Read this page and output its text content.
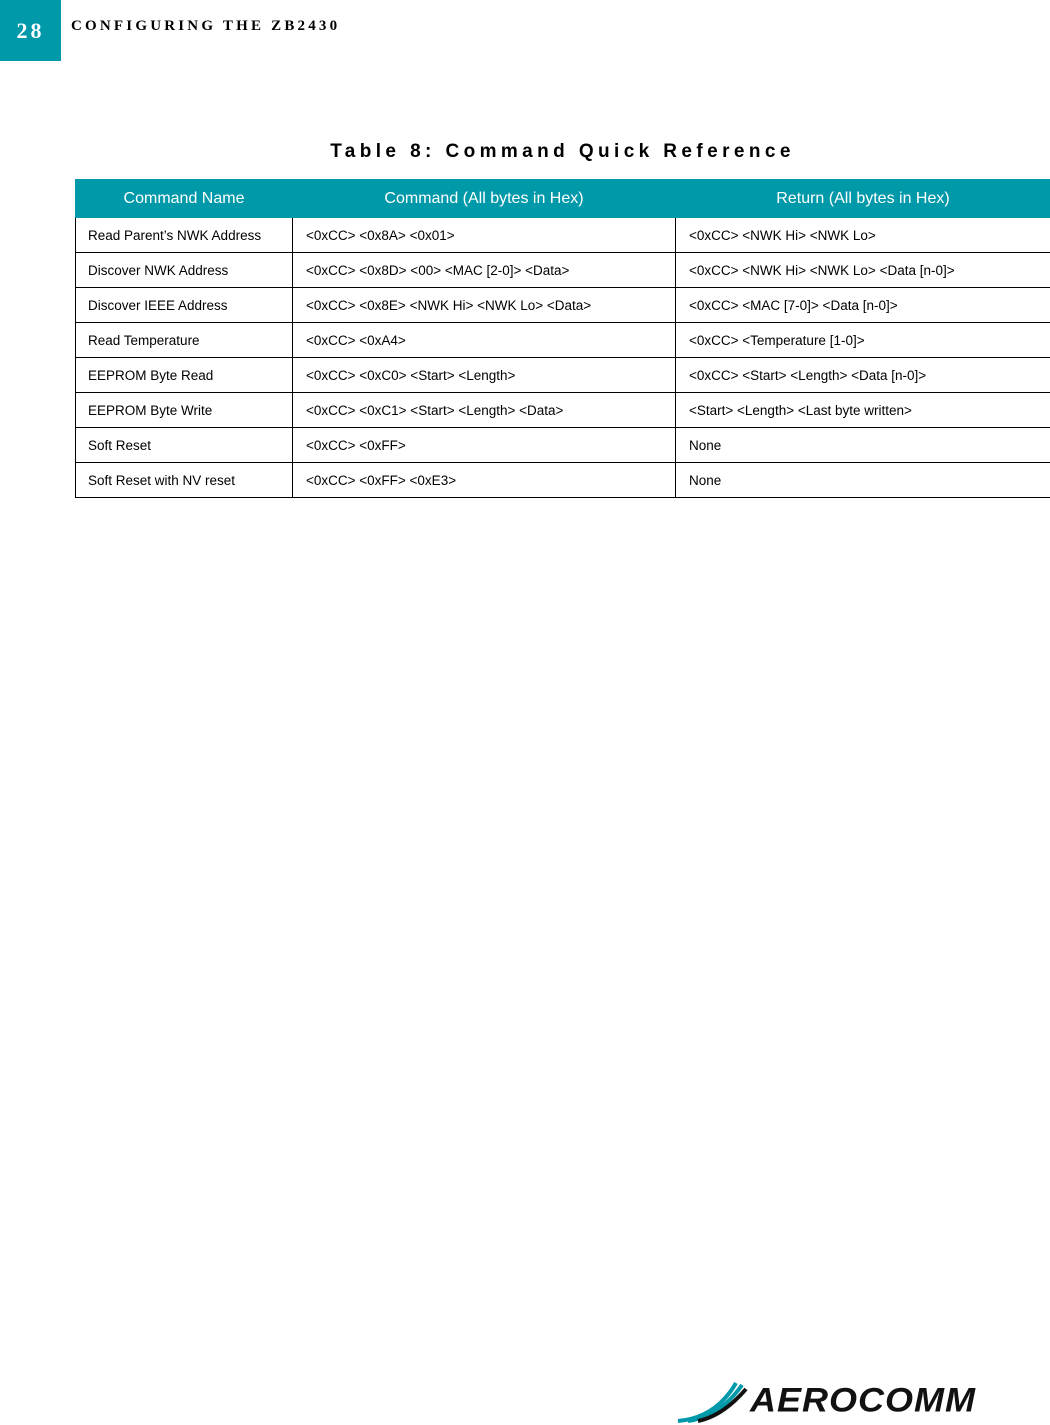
28 CONFIGURING THE ZB2430
Table 8: Command Quick Reference
Command Name	Command (All bytes in Hex)	Return (All bytes in Hex)
Read Parent’s NWK Address	<0xCC> <0x8A> <0x01>	<0xCC> <NWK Hi> <NWK Lo>
Discover NWK Address	<0xCC> <0x8D> <00> <MAC [2-0]> <Data>	<0xCC> <NWK Hi> <NWK Lo> <Data [n-0]>
Discover IEEE Address	<0xCC> <0x8E> <NWK Hi> <NWK Lo> <Data>	<0xCC> <MAC [7-0]> <Data [n-0]>
Read Temperature	<0xCC> <0xA4>	<0xCC> <Temperature [1-0]>
EEPROM Byte Read	<0xCC> <0xC0> <Start> <Length>	<0xCC> <Start> <Length> <Data [n-0]>
EEPROM Byte Write	<0xCC> <0xC1> <Start> <Length> <Data>	<Start> <Length> <Last byte written>
Soft Reset	<0xCC> <0xFF>	None
Soft Reset with NV reset	<0xCC> <0xFF> <0xE3>	None
AEROCOMM
